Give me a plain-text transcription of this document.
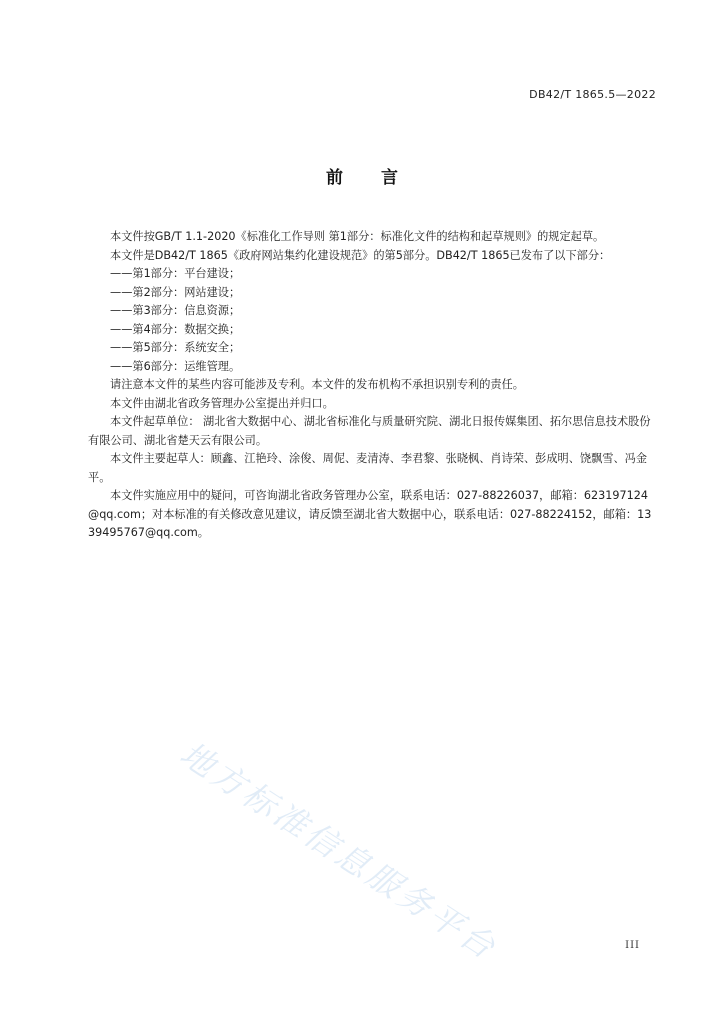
DB42/T 1865.5—2022
前言

本文件按GB/T 1.1-2020《标准化工作导则 第1部分：标准化文件的结构和起草规则》的规定起草。

本文件是DB42/T 1865《政府网站集约化建设规范》的第5部分。DB42/T 1865已发布了以下部分：

——第1部分：平台建设；
——第2部分：网站建设；
——第3部分：信息资源；
——第4部分：数据交换；
——第5部分：系统安全；
——第6部分：运维管理。

请注意本文件的某些内容可能涉及专利。本文件的发布机构不承担识别专利的责任。

本文件由湖北省政务管理办公室提出并归口。

本文件起草单位： 湖北省大数据中心、湖北省标准化与质量研究院、湖北日报传媒集团、拓尔思信息技术股份有限公司、湖北省楚天云有限公司。

本文件主要起草人：顾鑫、江艳玲、涂俊、周伲、麦清涛、李君黎、张晓枫、肖诗荣、彭成明、饶飘雪、冯金平。

本文件实施应用中的疑问，可咨询湖北省政务管理办公室，联系电话：027-88226037，邮箱：623197124@qq.com；对本标准的有关修改意见建议，请反馈至湖北省大数据中心，联系电话：027-88224152，邮箱：1339495767@qq.com。

地方标准信息服务平台	III
